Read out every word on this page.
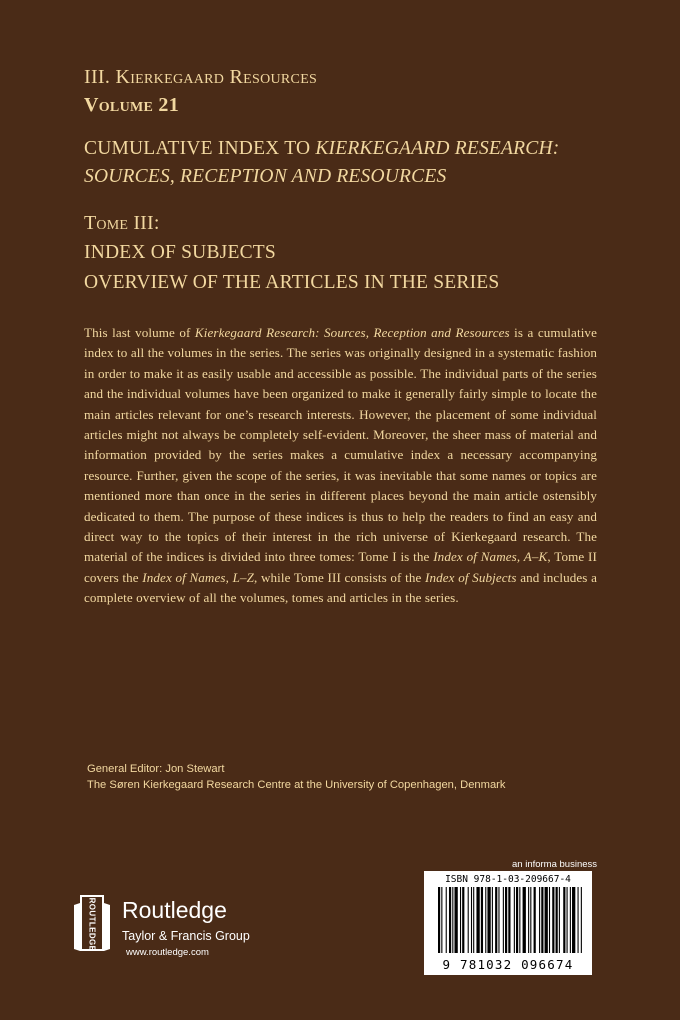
III. Kierkegaard Resources
Volume 21
CUMULATIVE INDEX TO KIERKEGAARD RESEARCH:
SOURCES, RECEPTION AND RESOURCES
Tome III:
INDEX OF SUBJECTS
OVERVIEW OF THE ARTICLES IN THE SERIES
This last volume of Kierkegaard Research: Sources, Reception and Resources is a cumulative index to all the volumes in the series. The series was originally designed in a systematic fashion in order to make it as easily usable and accessible as possible. The individual parts of the series and the individual volumes have been organized to make it generally fairly simple to locate the main articles relevant for one’s research interests. However, the placement of some individual articles might not always be completely self-evident. Moreover, the sheer mass of material and information provided by the series makes a cumulative index a necessary accompanying resource. Further, given the scope of the series, it was inevitable that some names or topics are mentioned more than once in the series in different places beyond the main article ostensibly dedicated to them. The purpose of these indices is thus to help the readers to find an easy and direct way to the topics of their interest in the rich universe of Kierkegaard research. The material of the indices is divided into three tomes: Tome I is the Index of Names, A–K, Tome II covers the Index of Names, L–Z, while Tome III consists of the Index of Subjects and includes a complete overview of all the volumes, tomes and articles in the series.
General Editor: Jon Stewart
The Søren Kierkegaard Research Centre at the University of Copenhagen, Denmark
an informa business
ROUTLEDGE Routledge
Taylor & Francis Group
www.routledge.com
ISBN 978-1-03-209667-4
9 781032 096674
